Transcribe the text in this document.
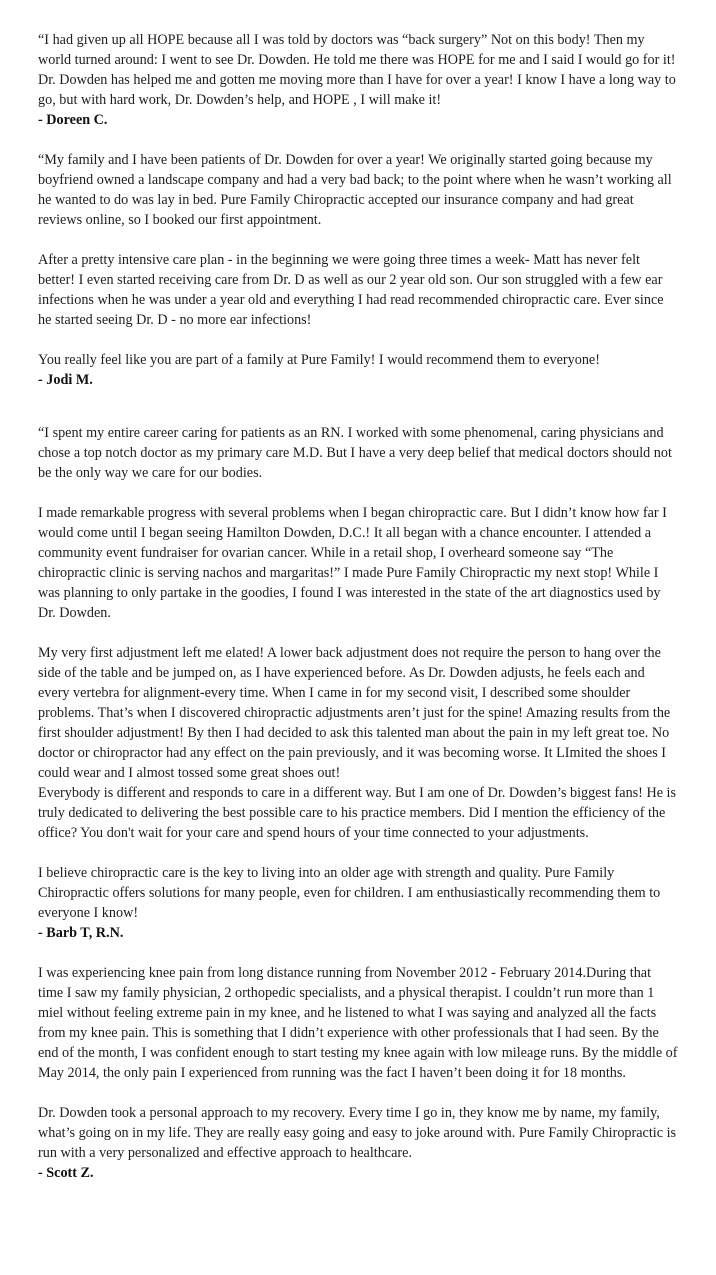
“I had given up all HOPE because all I was told by doctors was “back surgery” Not on this body! Then my world turned around: I went to see Dr. Dowden. He told me there was HOPE for me and I said I would go for it! Dr. Dowden has helped me and gotten me moving more than I have for over a year! I know I have a long way to go, but with hard work, Dr. Dowden’s help, and HOPE , I will make it!

- Doreen C.

“My family and I have been patients of Dr. Dowden for over a year! We originally started going because my boyfriend owned a landscape company and had a very bad back; to the point where when he wasn’t working all he wanted to do was lay in bed. Pure Family Chiropractic accepted our insurance company and had great reviews online, so I booked our first appointment.

After a pretty intensive care plan - in the beginning we were going three times a week- Matt has never felt better! I even started receiving care from Dr. D as well as our 2 year old son. Our son struggled with a few ear infections when he was under a year old and everything I had read recommended chiropractic care. Ever since he started seeing Dr. D - no more ear infections!

You really feel like you are part of a family at Pure Family! I would recommend them to everyone!

- Jodi M.

“I spent my entire career caring for patients as an RN. I worked with some phenomenal, caring physicians and chose a top notch doctor as my primary care M.D. But I have a very deep belief that medical doctors should not be the only way we care for our bodies.

I made remarkable progress with several problems when I began chiropractic care. But I didn’t know how far I would come until I began seeing Hamilton Dowden, D.C.! It all began with a chance encounter. I attended a community event fundraiser for ovarian cancer. While in a retail shop, I overheard someone say “The chiropractic clinic is serving nachos and margaritas!” I made Pure Family Chiropractic my next stop! While I was planning to only partake in the goodies, I found I was interested in the state of the art diagnostics used by Dr. Dowden.

My very first adjustment left me elated! A lower back adjustment does not require the person to hang over the side of the table and be jumped on, as I have experienced before. As Dr. Dowden adjusts, he feels each and every vertebra for alignment-every time. When I came in for my second visit, I described some shoulder problems. That’s when I discovered chiropractic adjustments aren’t just for the spine! Amazing results from the first shoulder adjustment! By then I had decided to ask this talented man about the pain in my left great toe. No doctor or chiropractor had any effect on the pain previously, and it was becoming worse. It LImited the shoes I could wear and I almost tossed some great shoes out!

Everybody is different and responds to care in a different way. But I am one of Dr. Dowden’s biggest fans! He is truly dedicated to delivering the best possible care to his practice members. Did I mention the efficiency of the office? You don't wait for your care and spend hours of your time connected to your adjustments.

I believe chiropractic care is the key to living into an older age with strength and quality. Pure Family Chiropractic offers solutions for many people, even for children. I am enthusiastically recommending them to everyone I know!

- Barb T, R.N.

I was experiencing knee pain from long distance running from November 2012 - February 2014.During that time I saw my family physician, 2 orthopedic specialists, and a physical therapist. I couldn’t run more than 1 miel without feeling extreme pain in my knee, and he listened to what I was saying and analyzed all the facts from my knee pain. This is something that I didn’t experience with other professionals that I had seen. By the end of the month, I was confident enough to start testing my knee again with low mileage runs. By the middle of May 2014, the only pain I experienced from running was the fact I haven’t been doing it for 18 months.

Dr. Dowden took a personal approach to my recovery. Every time I go in, they know me by name, my family, what’s going on in my life. They are really easy going and easy to joke around with. Pure Family Chiropractic is run with a very personalized and effective approach to healthcare.

- Scott Z.
